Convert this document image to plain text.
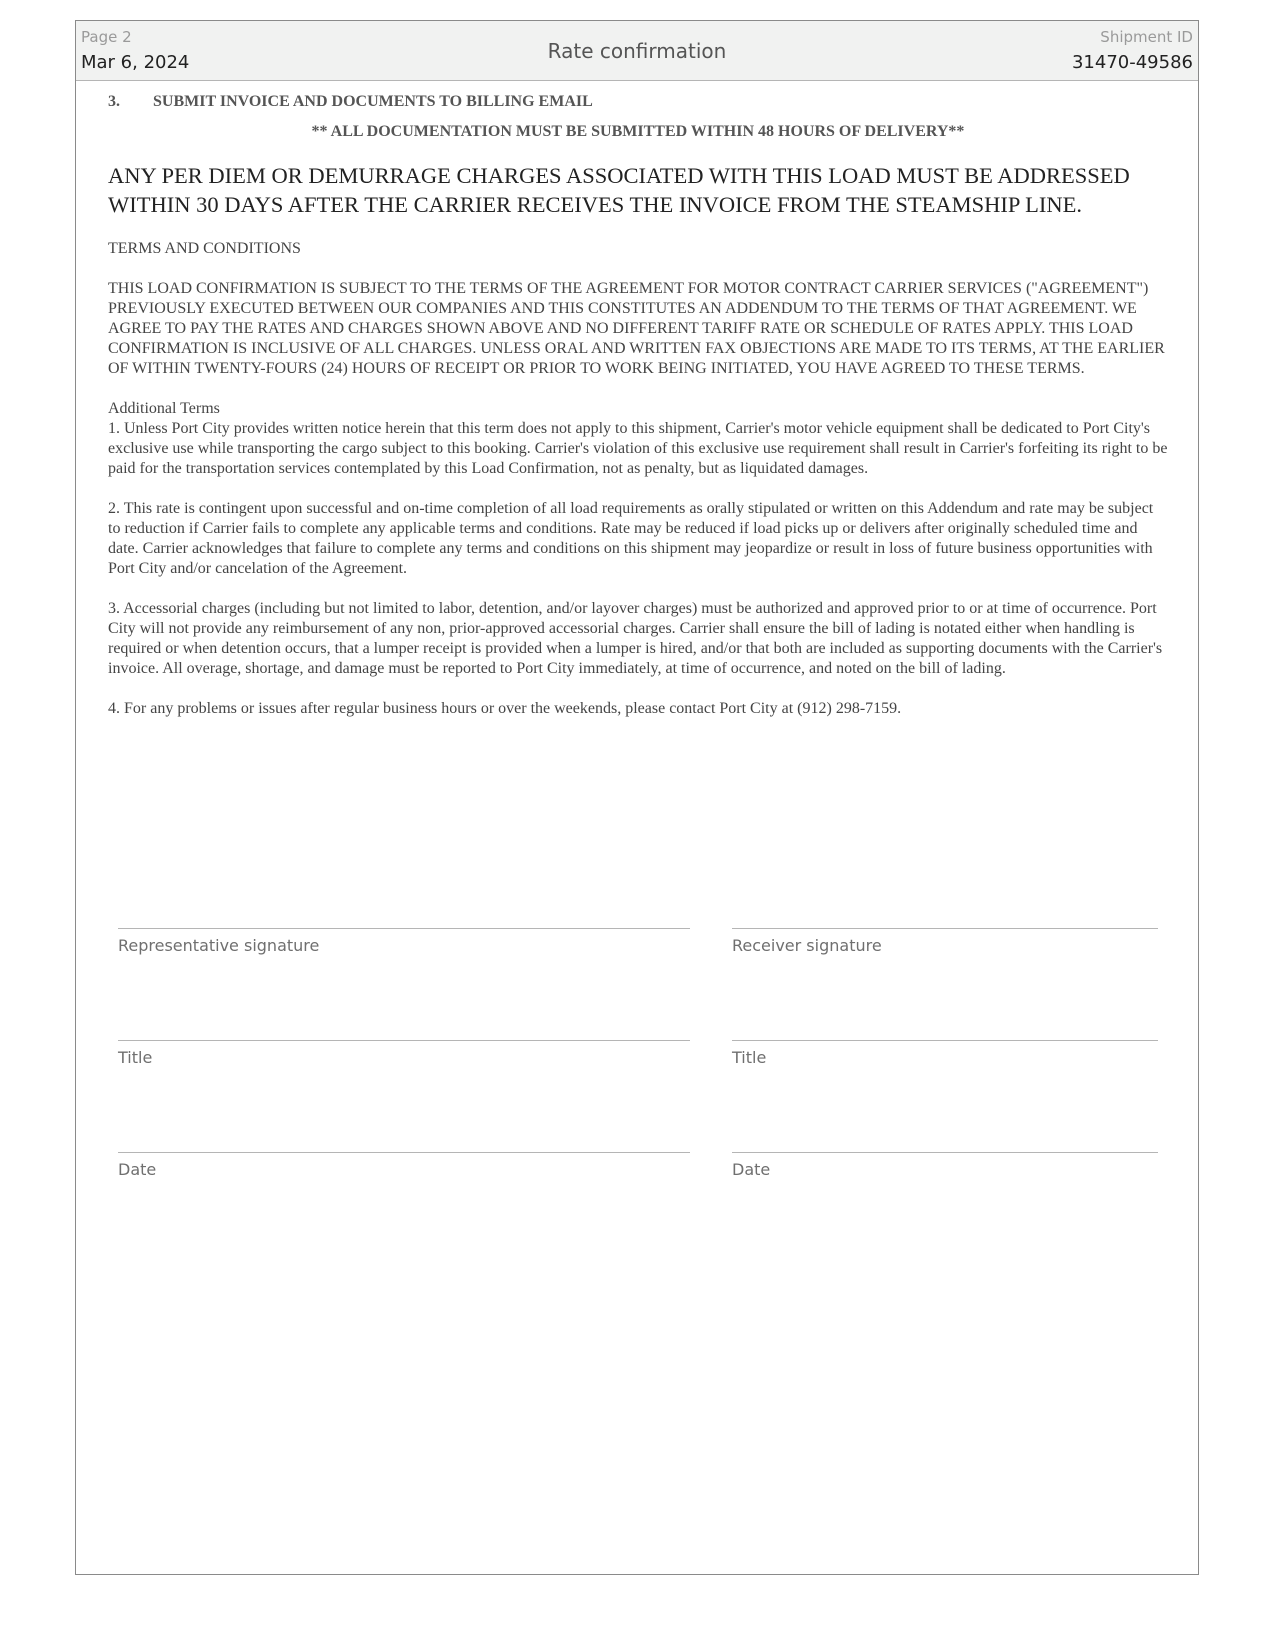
Page 2
Mar 6, 2024	Rate confirmation
Shipment ID
31470-49586

3. SUBMIT INVOICE AND DOCUMENTS TO BILLING EMAIL

** ALL DOCUMENTATION MUST BE SUBMITTED WITHIN 48 HOURS OF DELIVERY**

ANY PER DIEM OR DEMURRAGE CHARGES ASSOCIATED WITH THIS LOAD MUST BE ADDRESSED WITHIN 30 DAYS AFTER THE CARRIER RECEIVES THE INVOICE FROM THE STEAMSHIP LINE.

TERMS AND CONDITIONS

THIS LOAD CONFIRMATION IS SUBJECT TO THE TERMS OF THE AGREEMENT FOR MOTOR CONTRACT CARRIER SERVICES ("AGREEMENT") PREVIOUSLY EXECUTED BETWEEN OUR COMPANIES AND THIS CONSTITUTES AN ADDENDUM TO THE TERMS OF THAT AGREEMENT. WE AGREE TO PAY THE RATES AND CHARGES SHOWN ABOVE AND NO DIFFERENT TARIFF RATE OR SCHEDULE OF RATES APPLY. THIS LOAD CONFIRMATION IS INCLUSIVE OF ALL CHARGES. UNLESS ORAL AND WRITTEN FAX OBJECTIONS ARE MADE TO ITS TERMS, AT THE EARLIER OF WITHIN TWENTY-FOURS (24) HOURS OF RECEIPT OR PRIOR TO WORK BEING INITIATED, YOU HAVE AGREED TO THESE TERMS.

Additional Terms

1. Unless Port City provides written notice herein that this term does not apply to this shipment, Carrier's motor vehicle equipment shall be dedicated to Port City's exclusive use while transporting the cargo subject to this booking. Carrier's violation of this exclusive use requirement shall result in Carrier's forfeiting its right to be paid for the transportation services contemplated by this Load Confirmation, not as penalty, but as liquidated damages.

2. This rate is contingent upon successful and on-time completion of all load requirements as orally stipulated or written on this Addendum and rate may be subject to reduction if Carrier fails to complete any applicable terms and conditions. Rate may be reduced if load picks up or delivers after originally scheduled time and date. Carrier acknowledges that failure to complete any terms and conditions on this shipment may jeopardize or result in loss of future business opportunities with Port City and/or cancelation of the Agreement.

3. Accessorial charges (including but not limited to labor, detention, and/or layover charges) must be authorized and approved prior to or at time of occurrence. Port City will not provide any reimbursement of any non, prior-approved accessorial charges. Carrier shall ensure the bill of lading is notated either when handling is required or when detention occurs, that a lumper receipt is provided when a lumper is hired, and/or that both are included as supporting documents with the Carrier's invoice. All overage, shortage, and damage must be reported to Port City immediately, at time of occurrence, and noted on the bill of lading.

4. For any problems or issues after regular business hours or over the weekends, please contact Port City at (912) 298-7159.

Representative signature
Title
Date
Receiver signature
Title
Date
